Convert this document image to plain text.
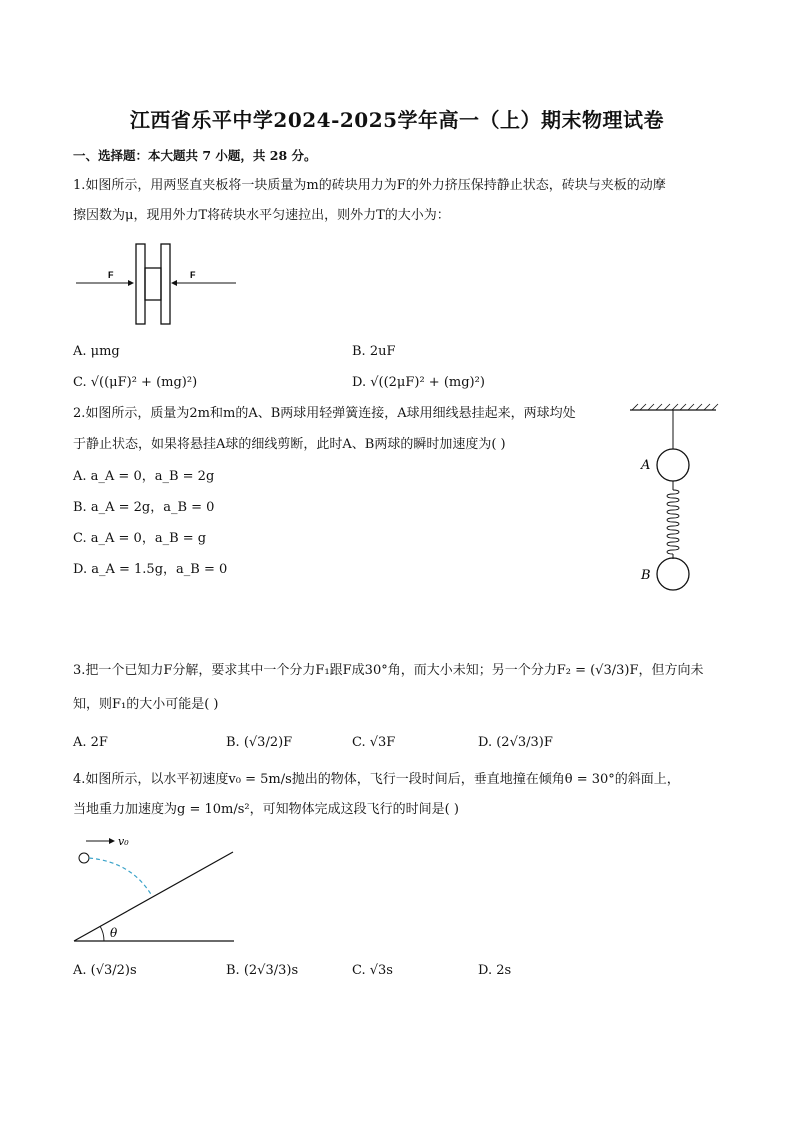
江西省乐平中学2024-2025学年高一（上）期末物理试卷
一、选择题：本大题共 7 小题，共 28 分。
1.如图所示，用两竖直夹板将一块质量为m的砖块用力为F的外力挤压保持静止状态，砖块与夹板的动摩
擦因数为μ，现用外力T将砖块水平匀速拉出，则外力T的大小为：
F	F
A. μmg	B. 2uF
C. √((μF)² + (mg)²)	D. √((2μF)² + (mg)²)
2.如图所示，质量为2m和m的A、B两球用轻弹簧连接，A球用细线悬挂起来，两球均处
于静止状态，如果将悬挂A球的细线剪断，此时A、B两球的瞬时加速度为( )
A. a_A = 0，a_B = 2g
B. a_A = 2g，a_B = 0
C. a_A = 0，a_B = g
D. a_A = 1.5g，a_B = 0
A
B
3.把一个已知力F分解，要求其中一个分力F₁跟F成30°角，而大小未知；另一个分力F₂ = (√3/3)F，但方向未
知，则F₁的大小可能是( )
A. 2F	B. (√3/2)F	C. √3F	D. (2√3/3)F
4.如图所示，以水平初速度v₀ = 5m/s抛出的物体，飞行一段时间后，垂直地撞在倾角θ = 30°的斜面上，
当地重力加速度为g = 10m/s²，可知物体完成这段飞行的时间是( )
v₀
θ
A. (√3/2)s	B. (2√3/3)s	C. √3s	D. 2s
